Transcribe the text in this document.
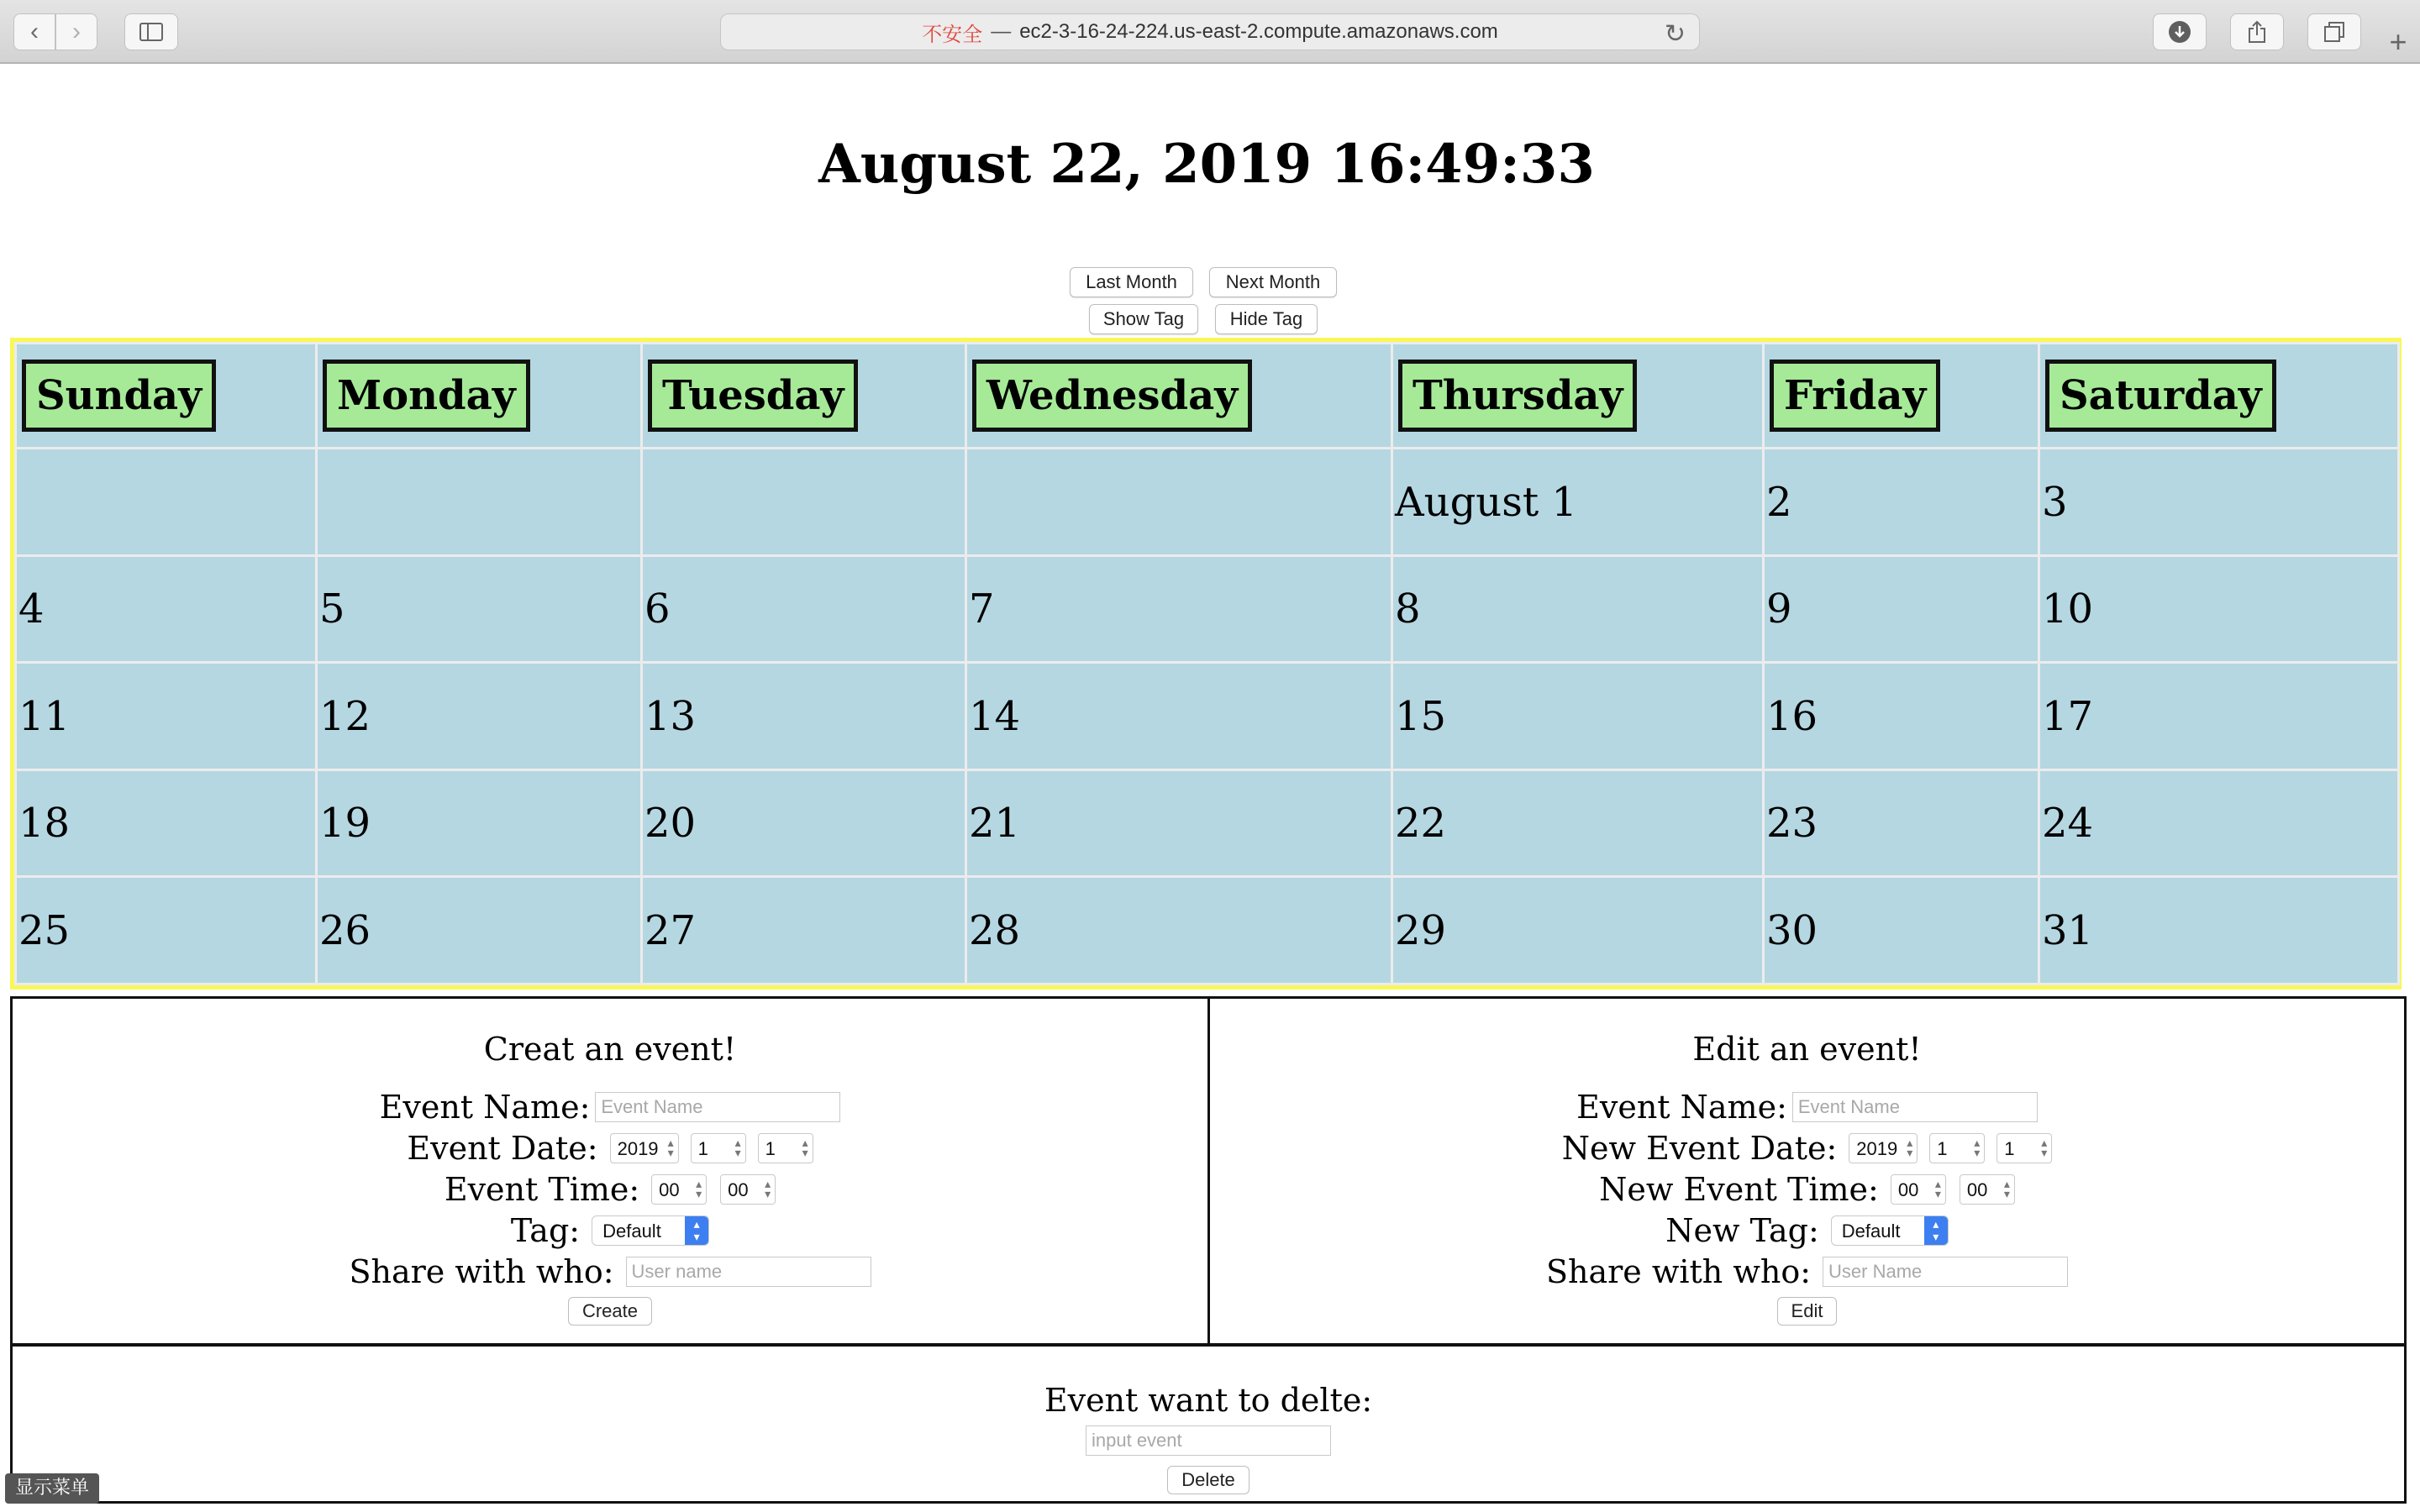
‹ ›	不安全 — ec2-3-16-24-224.us-east-2.compute.amazonaws.com	↻	+
August 22, 2019 16:49:33
Last Month	Next Month
Show Tag	Hide Tag
Sunday	Monday	Tuesday	Wednesday	Thursday	Friday	Saturday
				August 1	2	3
4	5	6	7	8	9	10
11	12	13	14	15	16	17
18	19	20	21	22	23	24
25	26	27	28	29	30	31
Creat an event!
Event Name: Event Name
Event Date:	2019 ▴
▾	1 ▴
▾	1 ▴
▾
Event Time:	00 ▴
▾	00 ▴
▾
Tag:	Default	▴
▾
Share with who: User name
Create
Edit an event!
Event Name: Event Name
New Event Date:	2019 ▴
▾	1 ▴
▾	1 ▴
▾
New Event Time:	00 ▴
▾	00 ▴
▾
New Tag:	Default	▴
▾
Share with who: User Name
Edit
Event want to delte:
input event
Delete
显示菜单
